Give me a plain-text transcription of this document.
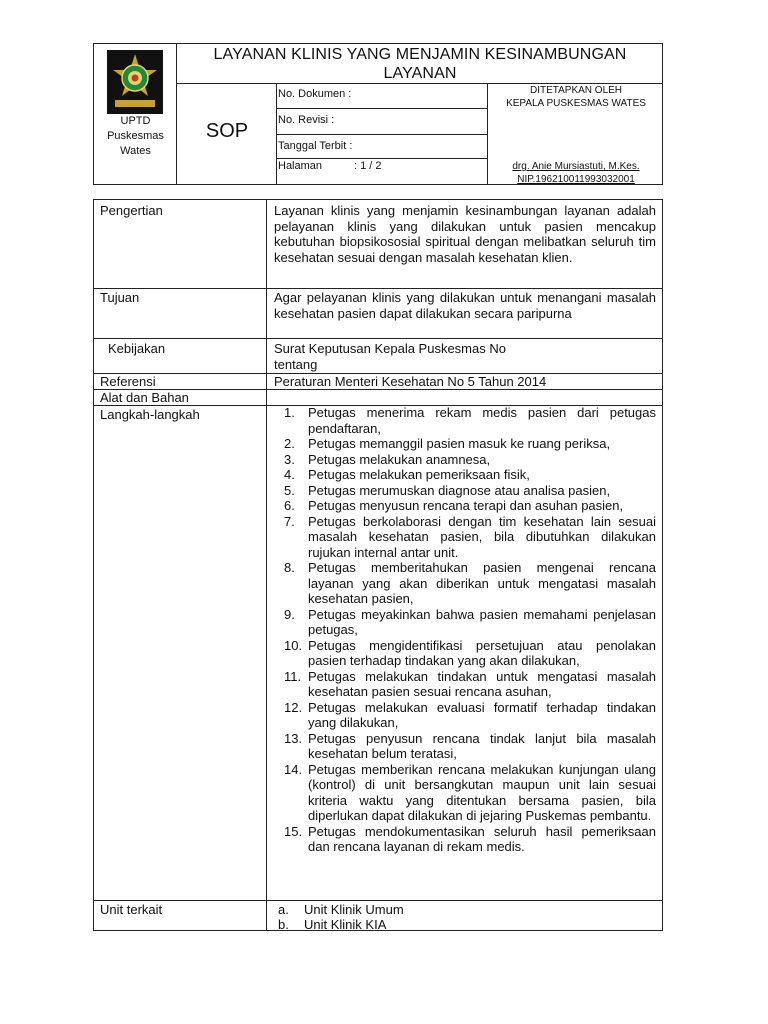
LAYANAN KLINIS YANG MENJAMIN KESINAMBUNGAN LAYANAN
UPTD
Puskesmas
Wates
SOP
No. Dokumen :
No. Revisi :
Tanggal Terbit :
Halaman	: 1 / 2
DITETAPKAN OLEH
KEPALA PUSKESMAS WATES
drg. Anie Mursiastuti, M.Kes.
NIP.196210011993032001
Pengertian	Layanan klinis yang menjamin kesinambungan layanan adalah pelayanan klinis yang dilakukan untuk pasien mencakup kebutuhan biopsikososial spiritual dengan melibatkan seluruh tim kesehatan sesuai dengan masalah kesehatan klien.
Tujuan	Agar pelayanan klinis yang dilakukan untuk menangani masalah kesehatan pasien dapat dilakukan secara paripurna
Kebijakan	Surat Keputusan Kepala Puskesmas No
tentang
Referensi	Peraturan Menteri Kesehatan No 5 Tahun 2014
Alat dan Bahan
Langkah-langkah	1. Petugas menerima rekam medis pasien dari petugas pendaftaran,
2. Petugas memanggil pasien masuk ke ruang periksa,
3. Petugas melakukan anamnesa,
4. Petugas melakukan pemeriksaan fisik,
5. Petugas merumuskan diagnose atau analisa pasien,
6. Petugas menyusun rencana terapi dan asuhan pasien,
7. Petugas berkolaborasi dengan tim kesehatan lain sesuai masalah kesehatan pasien, bila dibutuhkan dilakukan rujukan internal antar unit.
8. Petugas memberitahukan pasien mengenai rencana layanan yang akan diberikan untuk mengatasi masalah kesehatan pasien,
9. Petugas meyakinkan bahwa pasien memahami penjelasan petugas,
10. Petugas mengidentifikasi persetujuan atau penolakan pasien terhadap tindakan yang akan dilakukan,
11. Petugas melakukan tindakan untuk mengatasi masalah kesehatan pasien sesuai rencana asuhan,
12. Petugas melakukan evaluasi formatif terhadap tindakan yang dilakukan,
13. Petugas penyusun rencana tindak lanjut bila masalah kesehatan belum teratasi,
14. Petugas memberikan rencana melakukan kunjungan ulang (kontrol) di unit bersangkutan maupun unit lain sesuai kriteria waktu yang ditentukan bersama pasien, bila diperlukan dapat dilakukan di jejaring Puskemas pembantu.
15. Petugas mendokumentasikan seluruh hasil pemeriksaan dan rencana layanan di rekam medis.
Unit terkait	a. Unit Klinik Umum
b. Unit Klinik KIA
